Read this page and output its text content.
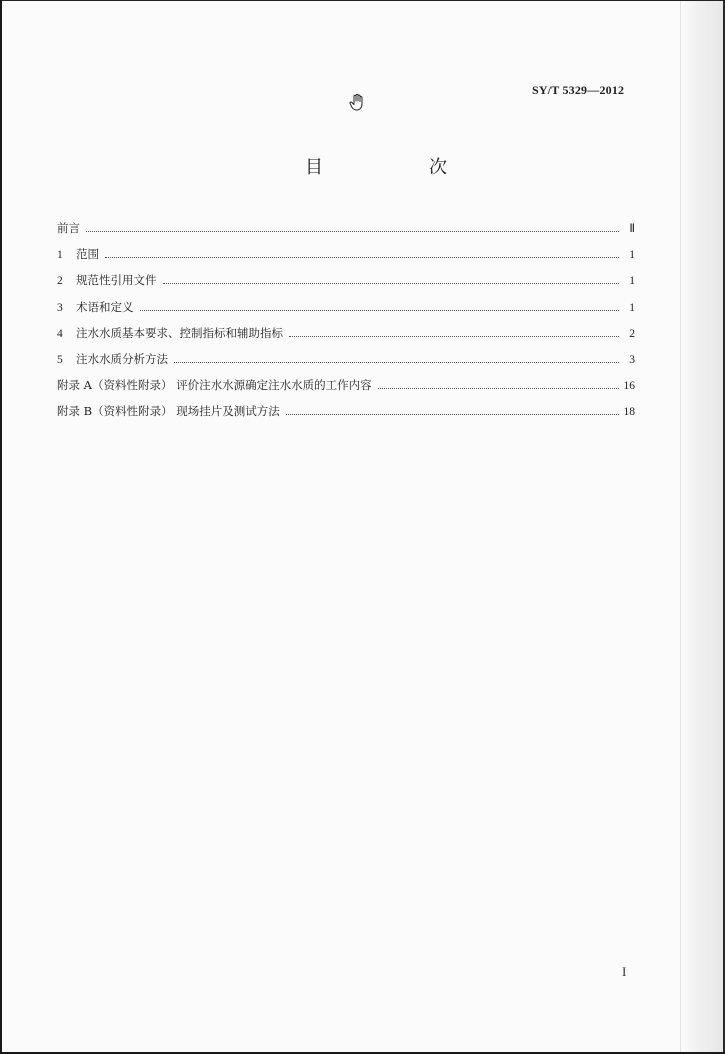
SY/T 5329—2012
目　次
前言	Ⅱ
1	范围	1
2	规范性引用文件	1
3	术语和定义	1
4	注水水质基本要求、控制指标和辅助指标	2
5	注水水质分析方法	3
附录 A（资料性附录） 评价注水水源确定注水水质的工作内容	16
附录 B（资料性附录） 现场挂片及测试方法	18
I
